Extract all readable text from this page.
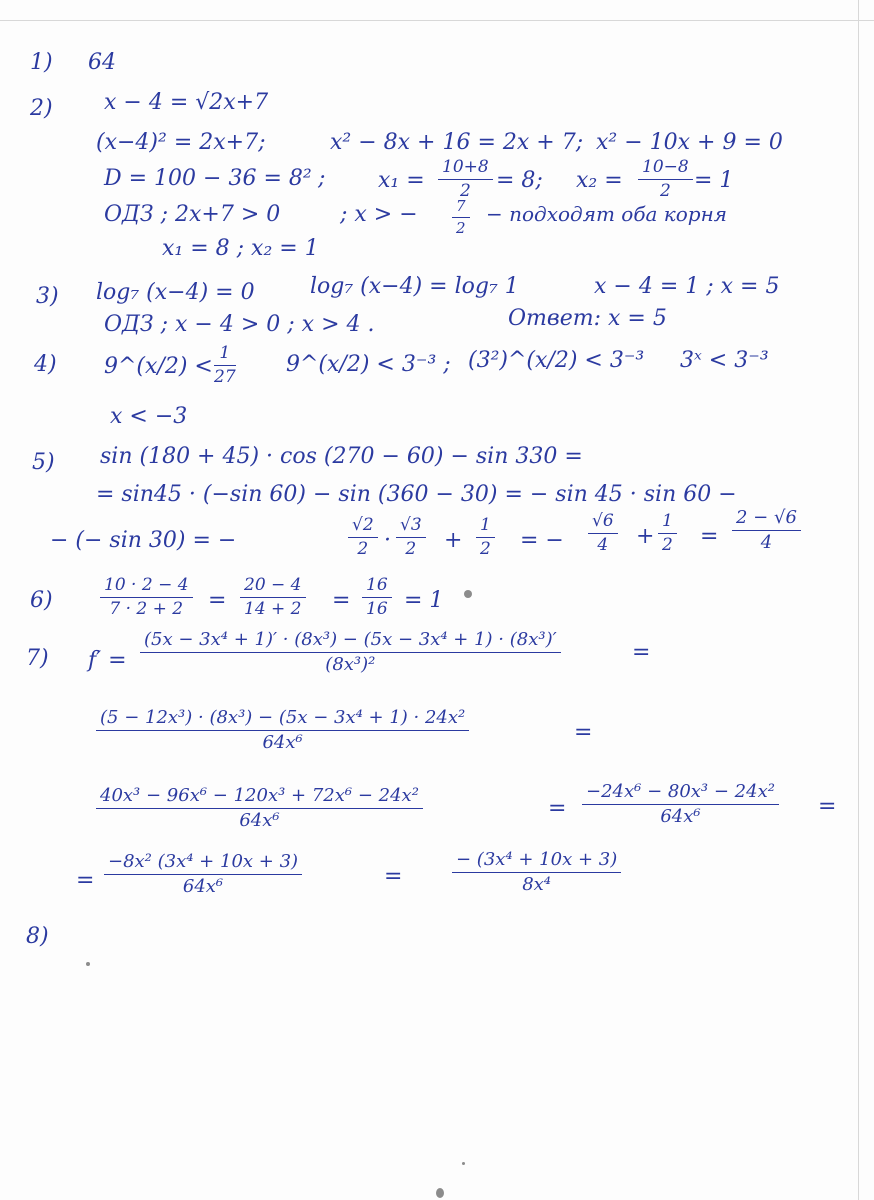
1) 64
2) x − 4 = √2x+7
(x−4)² = 2x+7;	x² − 8x + 16 = 2x + 7; x² − 10x + 9 = 0
D = 100 − 36 = 8² ; $x_1 = \frac{10+8}{2} = 8$; $x_2 = \frac{10-8}{2} = 1$
ОДЗ ; 2x+7 > 0	; x > − $\frac{7}{2}$ − подходят оба корня
x₁ = 8 ; x₂ = 1
3) log₇ (x−4) = 0	log₇ (x−4) = log₇ 1	x − 4 = 1 ; x = 5
ОДЗ ; x − 4 > 0 ; x > 4 .	Ответ: x = 5
4) 9^(x/2) < $\frac{1}{27}$ 9^(x/2) < 3⁻³ ; (3²)^(x/2) < 3⁻³ 3ˣ < 3⁻³
x < −3
5) sin (180 + 45) · cos (270 − 60) − sin 330 =
= sin45 · (−sin 60) − sin (360 − 30) = − sin 45 · sin 60 −
− (− sin 30) = −	$\frac{√2}{2} \cdot \frac{√3}{2} + \frac{1}{2}$ = − $\frac{√6}{4} + \frac{1}{2} = \frac{2 - √6}{4}$
6)	$\frac{10 \cdot 2 - 4}{7 \cdot 2 + 2} = \frac{20 - 4}{14 + 2} = \frac{16}{16} = 1$
7) $f' = \frac{\text{(5x − 3x⁴ + 1)′ · (8x³) − (5x − 3x⁴ + 1) · (8x³)′}}{\text{(8x³)²}}$	=
$\frac{\text{(5 − 12x³) · (8x³) − (5x − 3x⁴ + 1) · 24x²}}{\text{64x⁶}}$	=
$\frac{\text{40x³ − 96x⁶ − 120x³ + 72x⁶ − 24x²}}{\text{64x⁶}}$	= $\frac{\text{−24x⁶ − 80x³ − 24x²}}{\text{64x⁶}}$ =
= $\frac{\text{−8x² (3x⁴ + 10x + 3)}}{\text{64x⁶}}$	=	$\frac{\text{− (3x⁴ + 10x + 3)}}{\text{8x⁴}}$
8)
